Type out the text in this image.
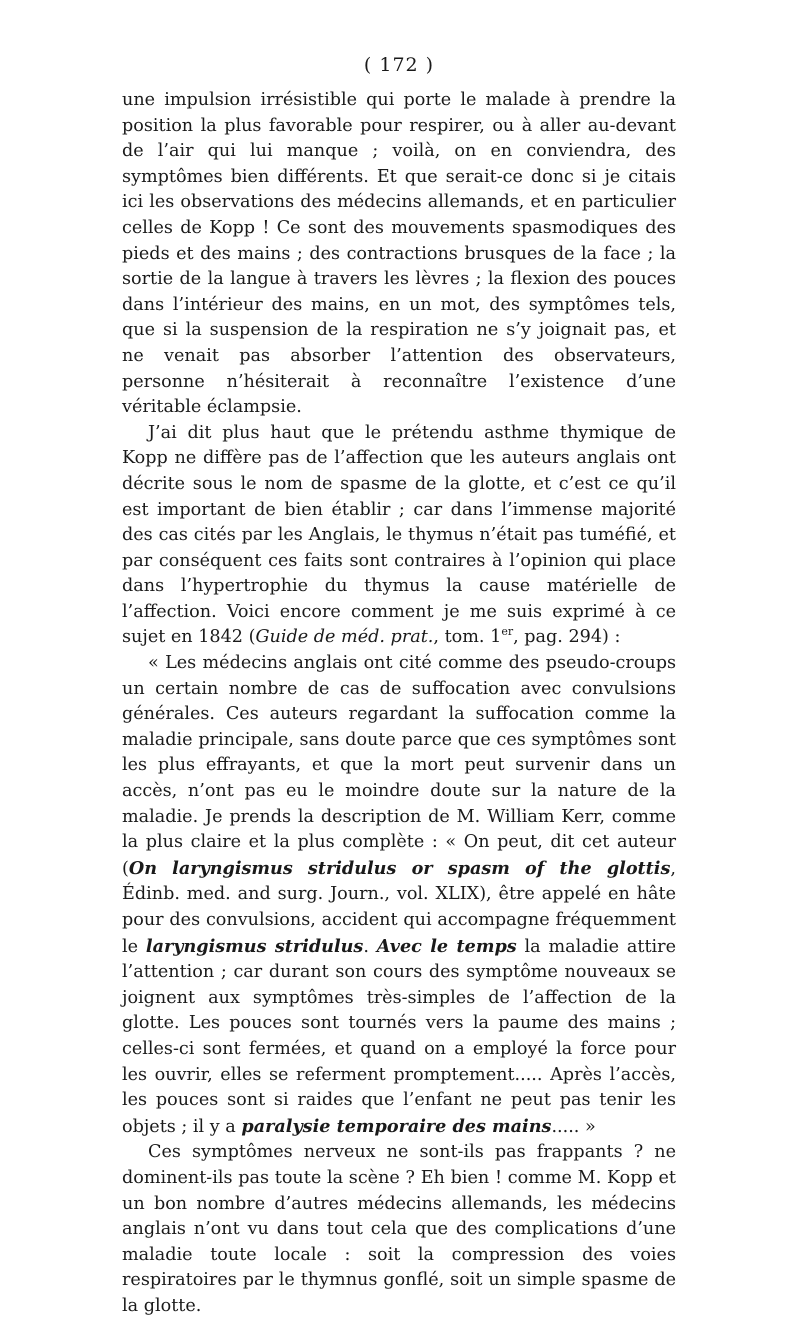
( 172 )

une impulsion irrésistible qui porte le malade à prendre la position la plus favorable pour respirer, ou à aller au-devant de l’air qui lui manque ; voilà, on en conviendra, des symptômes bien différents. Et que serait-ce donc si je citais ici les observations des médecins allemands, et en particulier celles de Kopp ! Ce sont des mouvements spasmodiques des pieds et des mains ; des contractions brusques de la face ; la sortie de la langue à travers les lèvres ; la flexion des pouces dans l’intérieur des mains, en un mot, des symptômes tels, que si la suspension de la respiration ne s’y joignait pas, et ne venait pas absorber l’attention des observateurs, personne n’hésiterait à reconnaître l’existence d’une véritable éclampsie.

J’ai dit plus haut que le prétendu asthme thymique de Kopp ne diffère pas de l’affection que les auteurs anglais ont décrite sous le nom de spasme de la glotte, et c’est ce qu’il est important de bien établir ; car dans l’immense majorité des cas cités par les Anglais, le thymus n’était pas tuméfié, et par conséquent ces faits sont contraires à l’opinion qui place dans l’hypertrophie du thymus la cause matérielle de l’affection. Voici encore comment je me suis exprimé à ce sujet en 1842 (Guide de méd. prat., tom. 1er, pag. 294) :

« Les médecins anglais ont cité comme des pseudo-croups un certain nombre de cas de suffocation avec convulsions générales. Ces auteurs regardant la suffocation comme la maladie principale, sans doute parce que ces symptômes sont les plus effrayants, et que la mort peut survenir dans un accès, n’ont pas eu le moindre doute sur la nature de la maladie. Je prends la description de M. William Kerr, comme la plus claire et la plus complète : « On peut, dit cet auteur (On laryngismus stridulus or spasm of the glottis, Édinb. med. and surg. Journ., vol. XLIX), être appelé en hâte pour des convulsions, accident qui accompagne fréquemment le laryngismus stridulus. Avec le temps la maladie attire l’attention ; car durant son cours des symptôme nouveaux se joignent aux symptômes très-simples de l’affection de la glotte. Les pouces sont tournés vers la paume des mains ; celles-ci sont fermées, et quand on a employé la force pour les ouvrir, elles se referment promptement..... Après l’accès, les pouces sont si raides que l’enfant ne peut pas tenir les objets ; il y a paralysie temporaire des mains..... »

Ces symptômes nerveux ne sont-ils pas frappants ? ne dominent-ils pas toute la scène ? Eh bien ! comme M. Kopp et un bon nombre d’autres médecins allemands, les médecins anglais n’ont vu dans tout cela que des complications d’une maladie toute locale : soit la compression des voies respiratoires par le thymnus gonflé, soit un simple spasme de la glotte.
